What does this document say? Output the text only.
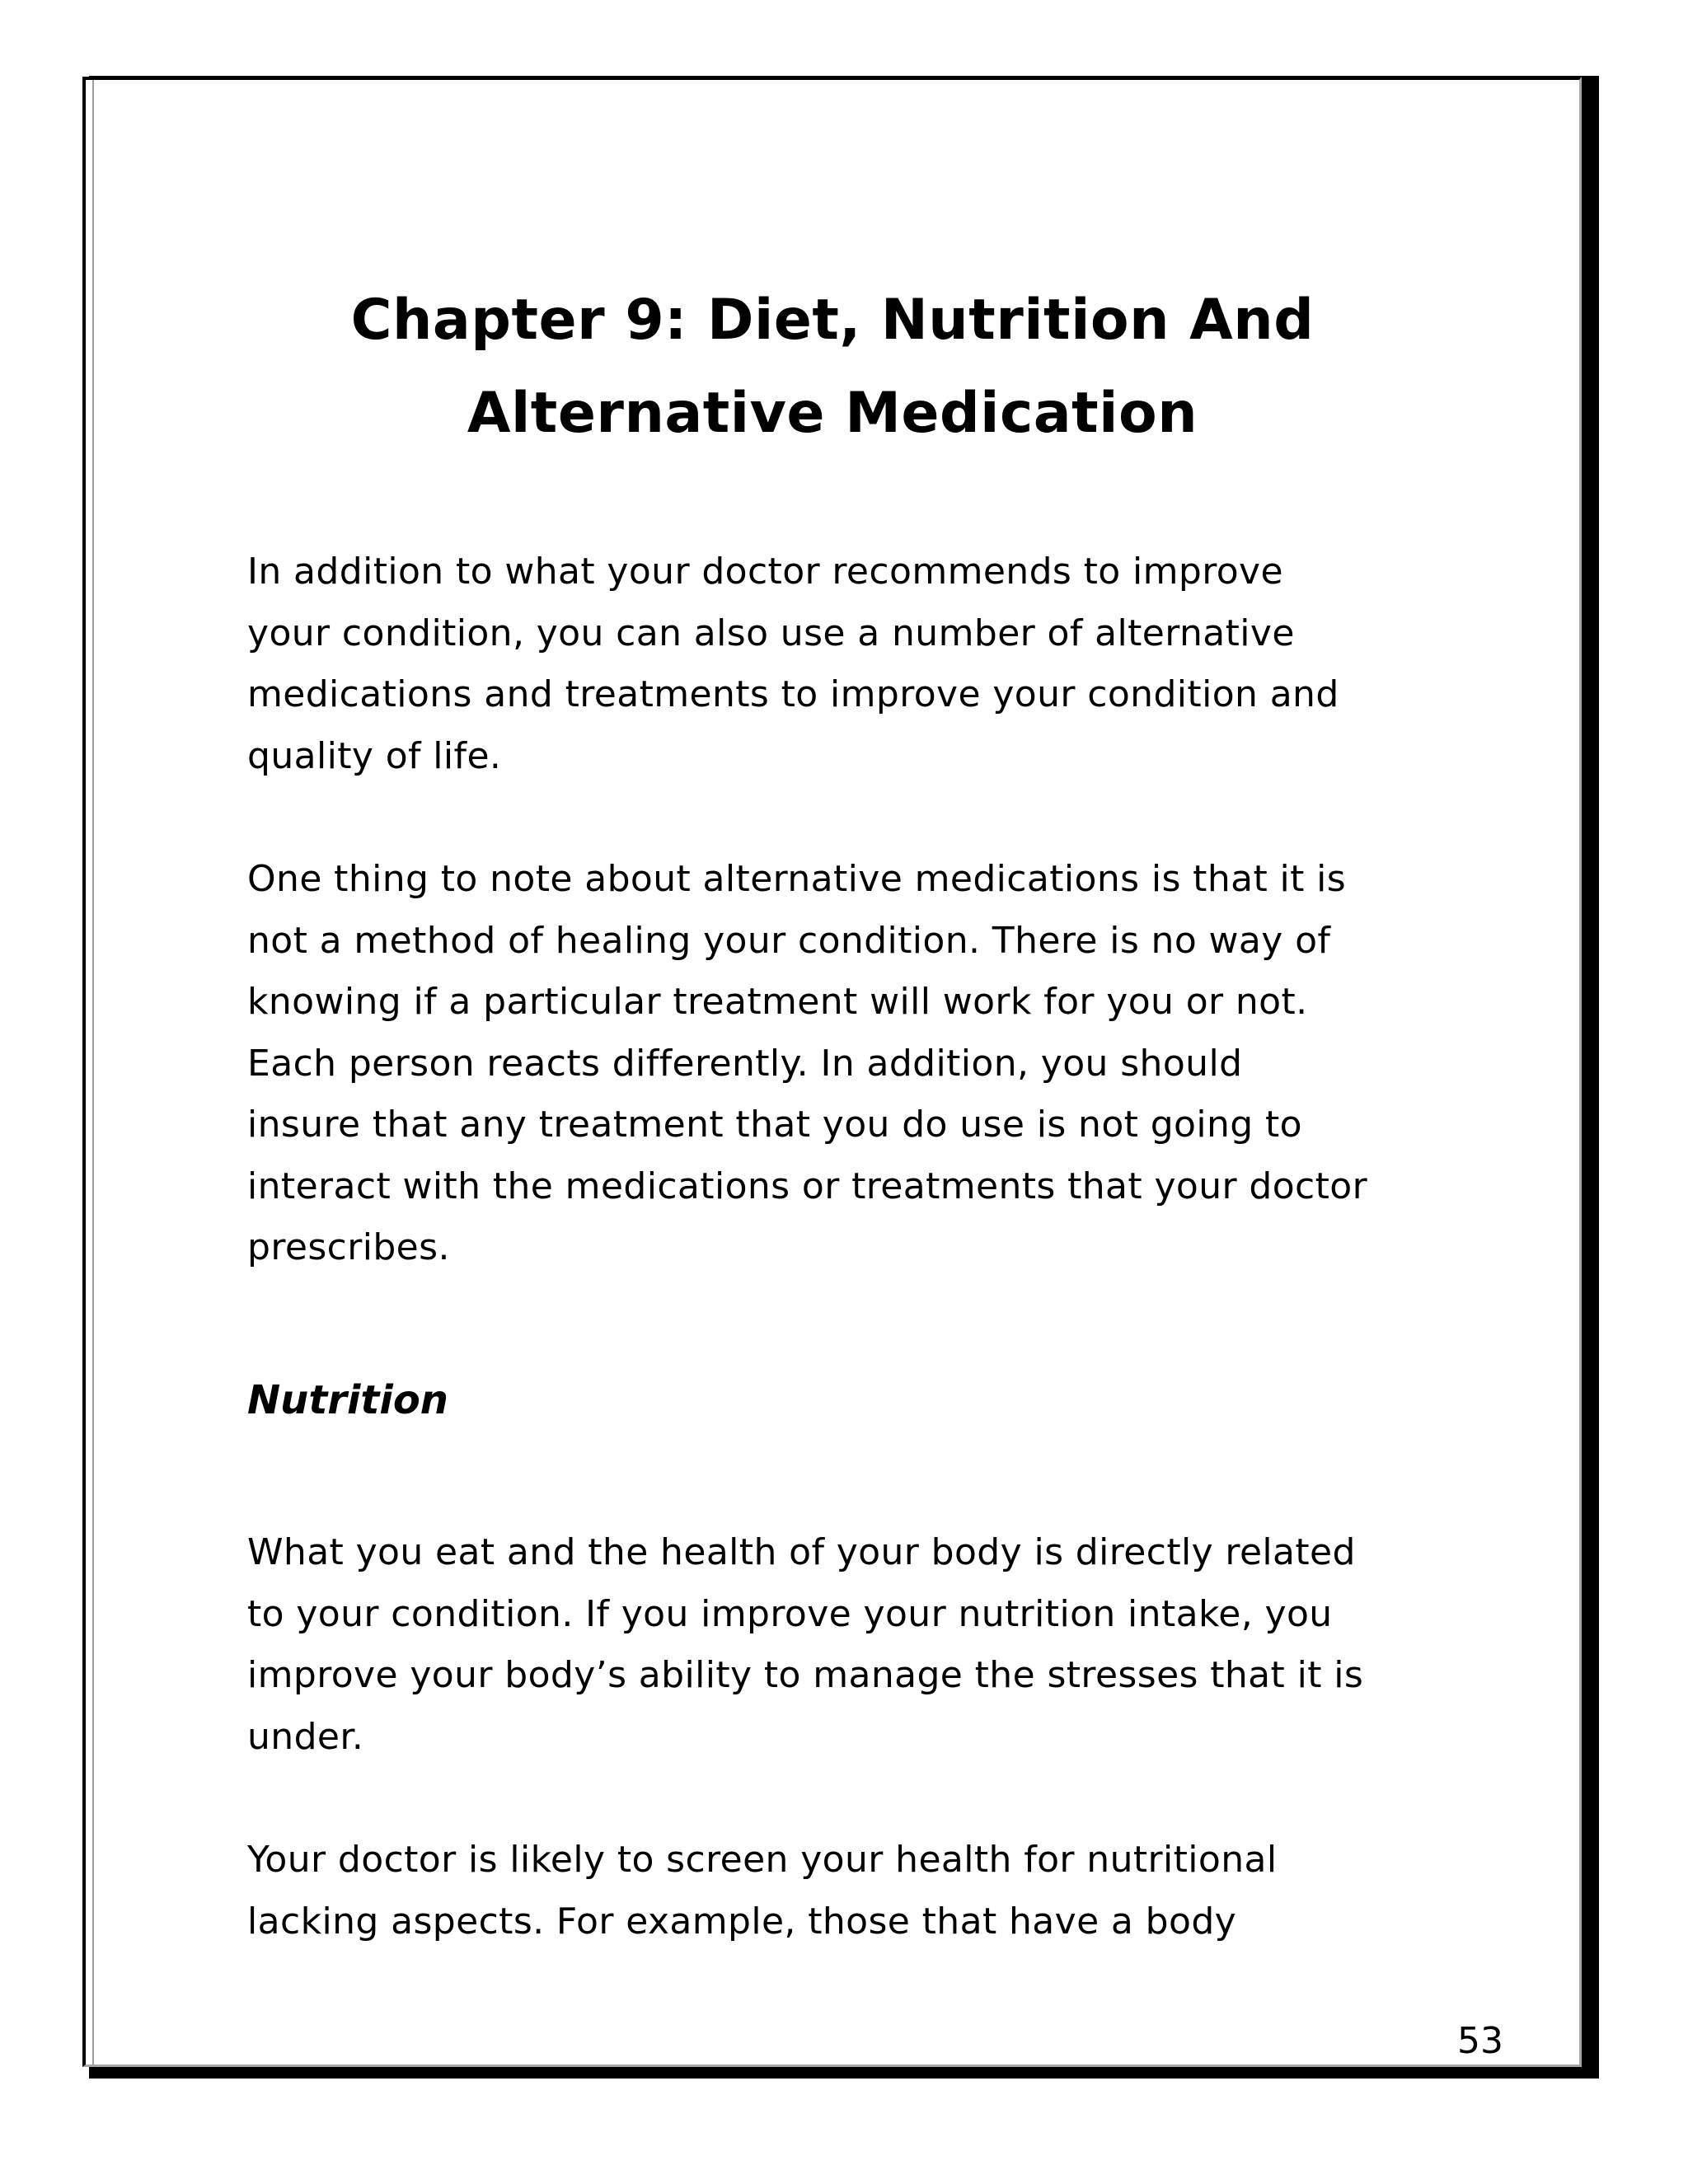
Chapter 9: Diet, Nutrition And
Alternative Medication

In addition to what your doctor recommends to improve
your condition, you can also use a number of alternative
medications and treatments to improve your condition and
quality of life.

One thing to note about alternative medications is that it is
not a method of healing your condition. There is no way of
knowing if a particular treatment will work for you or not.
Each person reacts differently. In addition, you should
insure that any treatment that you do use is not going to
interact with the medications or treatments that your doctor
prescribes.

Nutrition

What you eat and the health of your body is directly related
to your condition. If you improve your nutrition intake, you
improve your body’s ability to manage the stresses that it is
under.

Your doctor is likely to screen your health for nutritional
lacking aspects. For example, those that have a body

53
